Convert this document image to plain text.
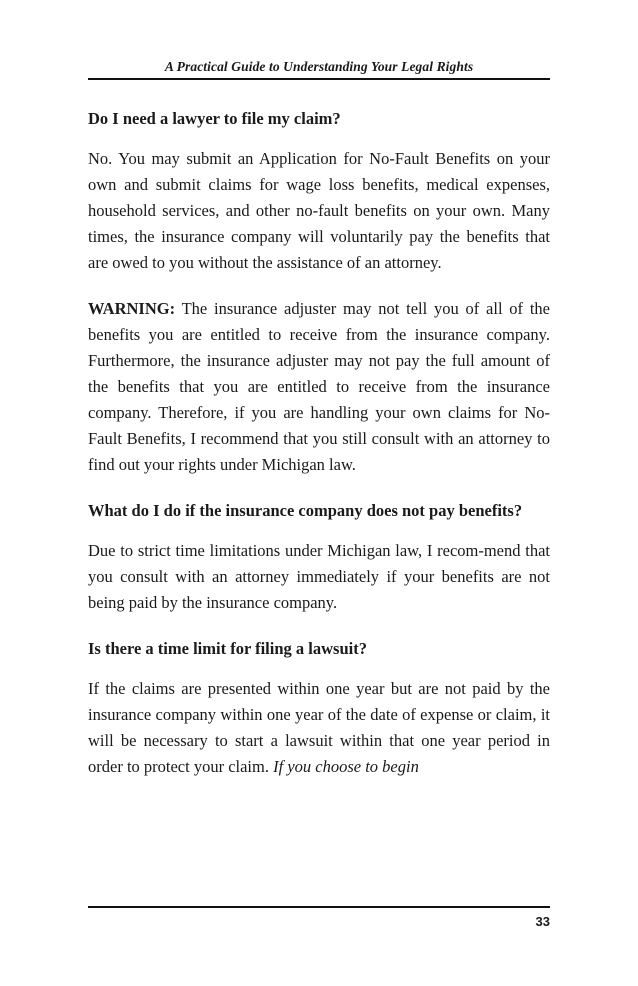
A Practical Guide to Understanding Your Legal Rights
Do I need a lawyer to file my claim?

No. You may submit an Application for No-Fault Benefits on your own and submit claims for wage loss benefits, medical expenses, household services, and other no-fault benefits on your own. Many times, the insurance company will voluntarily pay the benefits that are owed to you without the assistance of an attorney.

WARNING: The insurance adjuster may not tell you of all of the benefits you are entitled to receive from the insurance company. Furthermore, the insurance adjuster may not pay the full amount of the benefits that you are entitled to receive from the insurance company. Therefore, if you are handling your own claims for No-Fault Benefits, I recommend that you still consult with an attorney to find out your rights under Michigan law.

What do I do if the insurance company does not pay benefits?

Due to strict time limitations under Michigan law, I recom-mend that you consult with an attorney immediately if your benefits are not being paid by the insurance company.

Is there a time limit for filing a lawsuit?

If the claims are presented within one year but are not paid by the insurance company within one year of the date of expense or claim, it will be necessary to start a lawsuit within that one year period in order to protect your claim. If you choose to begin

33
